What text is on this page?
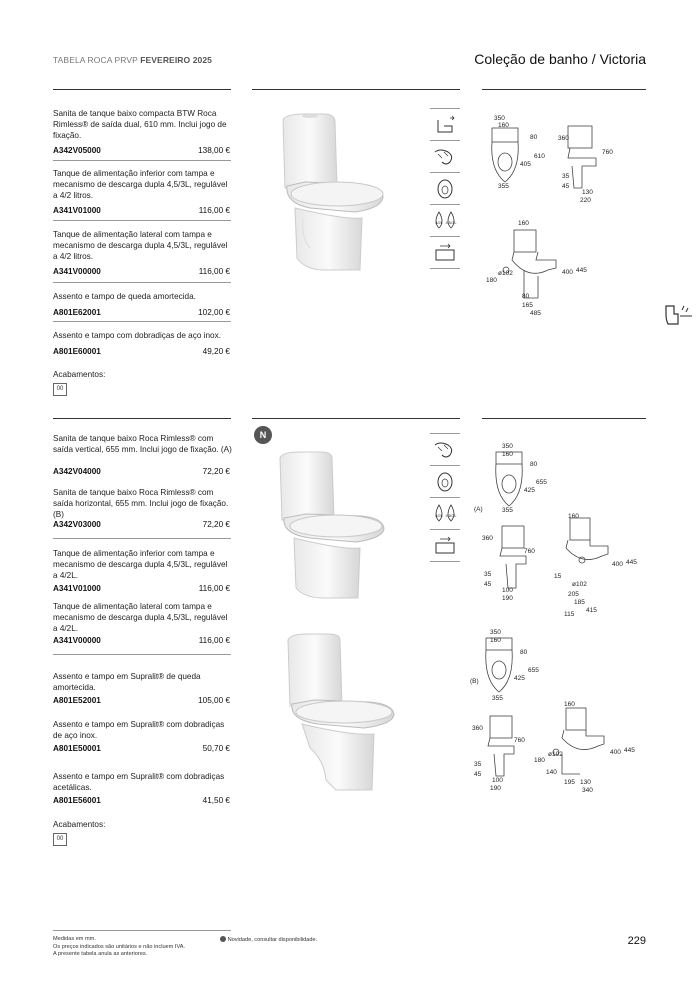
TABELA ROCA PRVP FEVEREIRO 2025	Coleção de banho / Victoria
Sanita de tanque baixo compacta BTW Roca Rimless® de saída dual, 610 mm. Inclui jogo de fixação.
A342V05000	138,00 €
Tanque de alimentação inferior com tampa e mecanismo de descarga dupla 4,5/3L, regulável a 4/2 litros.
A341V01000	116,00 €
Tanque de alimentação lateral com tampa e mecanismo de descarga dupla 4,5/3L, regulável a 4/2 litros.
A341V00000	116,00 €
Assento e tampo de queda amortecida.
A801E62001	102,00 €
Assento e tampo com dobradiças de aço inox.
A801E60001	49,20 €
Acabamentos:
00
4/2L 4,5/3L
350
160
80
405
610
355
360
760
35
45
130
220
160
ø102
180
400 445
80
165
485
Sanita de tanque baixo Roca Rimless® com saída vertical, 655 mm. Inclui jogo de fixação. (A)
A342V04000	72,20 €
Sanita de tanque baixo Roca Rimless® com saída horizontal, 655 mm. Inclui jogo de fixação. (B)
A342V03000	72,20 €
Tanque de alimentação inferior com tampa e mecanismo de descarga dupla 4,5/3L, regulável a 4/2L.
A341V01000	116,00 €
Tanque de alimentação lateral com tampa e mecanismo de descarga dupla 4,5/3L, regulável a 4/2L.
A341V00000	116,00 €
Assento e tampo em Supralit® de queda amortecida.
A801E52001	105,00 €
Assento e tampo em Supralit® com dobradiças de aço inox.
A801E50001	50,70 €
Assento e tampo em Supralit® com dobradiças acetálicas.
A801E56001	41,50 €
Acabamentos:
00
N
4/2L 4,5/3L
(A)
350
160
80
655
425
355
360
760
35
45
100
190
160
400 445
15
ø102
205
185
415
115
(B)
350
160
80
655
425
355
360
760
35
45
100
190
160
ø102
180
400 445
140
195 130
340
Medidas em mm.
Os preços indicados são unitários e não incluem IVA.
A presente tabela anula as anteriores.
Novidade, consultar disponibilidade.	229
